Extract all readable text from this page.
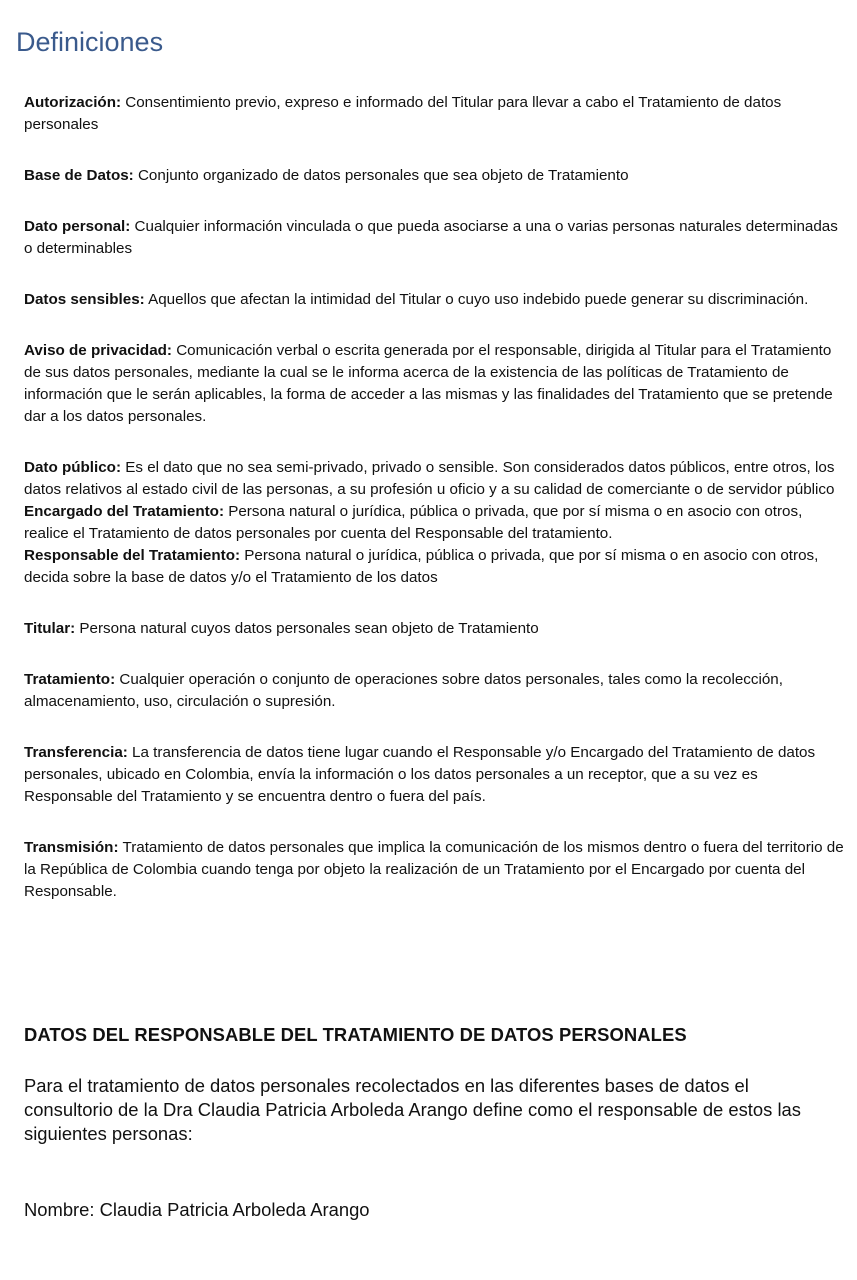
Definiciones

Autorización: Consentimiento previo, expreso e informado del Titular para llevar a cabo el Tratamiento de datos personales

Base de Datos: Conjunto organizado de datos personales que sea objeto de Tratamiento

Dato personal: Cualquier información vinculada o que pueda asociarse a una o varias personas naturales determinadas o determinables

Datos sensibles: Aquellos que afectan la intimidad del Titular o cuyo uso indebido puede generar su discriminación.

Aviso de privacidad: Comunicación verbal o escrita generada por el responsable, dirigida al Titular para el Tratamiento de sus datos personales, mediante la cual se le informa acerca de la existencia de las políticas de Tratamiento de información que le serán aplicables, la forma de acceder a las mismas y las finalidades del Tratamiento que se pretende dar a los datos personales.

Dato público: Es el dato que no sea semi-privado, privado o sensible. Son considerados datos públicos, entre otros, los datos relativos al estado civil de las personas, a su profesión u oficio y a su calidad de comerciante o de servidor público

Encargado del Tratamiento: Persona natural o jurídica, pública o privada, que por sí misma o en asocio con otros, realice el Tratamiento de datos personales por cuenta del Responsable del tratamiento.

Responsable del Tratamiento: Persona natural o jurídica, pública o privada, que por sí misma o en asocio con otros, decida sobre la base de datos y/o el Tratamiento de los datos

Titular: Persona natural cuyos datos personales sean objeto de Tratamiento

Tratamiento: Cualquier operación o conjunto de operaciones sobre datos personales, tales como la recolección, almacenamiento, uso, circulación o supresión.

Transferencia: La transferencia de datos tiene lugar cuando el Responsable y/o Encargado del Tratamiento de datos personales, ubicado en Colombia, envía la información o los datos personales a un receptor, que a su vez es Responsable del Tratamiento y se encuentra dentro o fuera del país.

Transmisión: Tratamiento de datos personales que implica la comunicación de los mismos dentro o fuera del territorio de la República de Colombia cuando tenga por objeto la realización de un Tratamiento por el Encargado por cuenta del Responsable.

DATOS DEL RESPONSABLE DEL TRATAMIENTO DE DATOS PERSONALES

Para el tratamiento de datos personales recolectados en las diferentes bases de datos el consultorio de la Dra Claudia Patricia Arboleda Arango define como el responsable de estos las siguientes personas:

Nombre: Claudia Patricia Arboleda Arango
